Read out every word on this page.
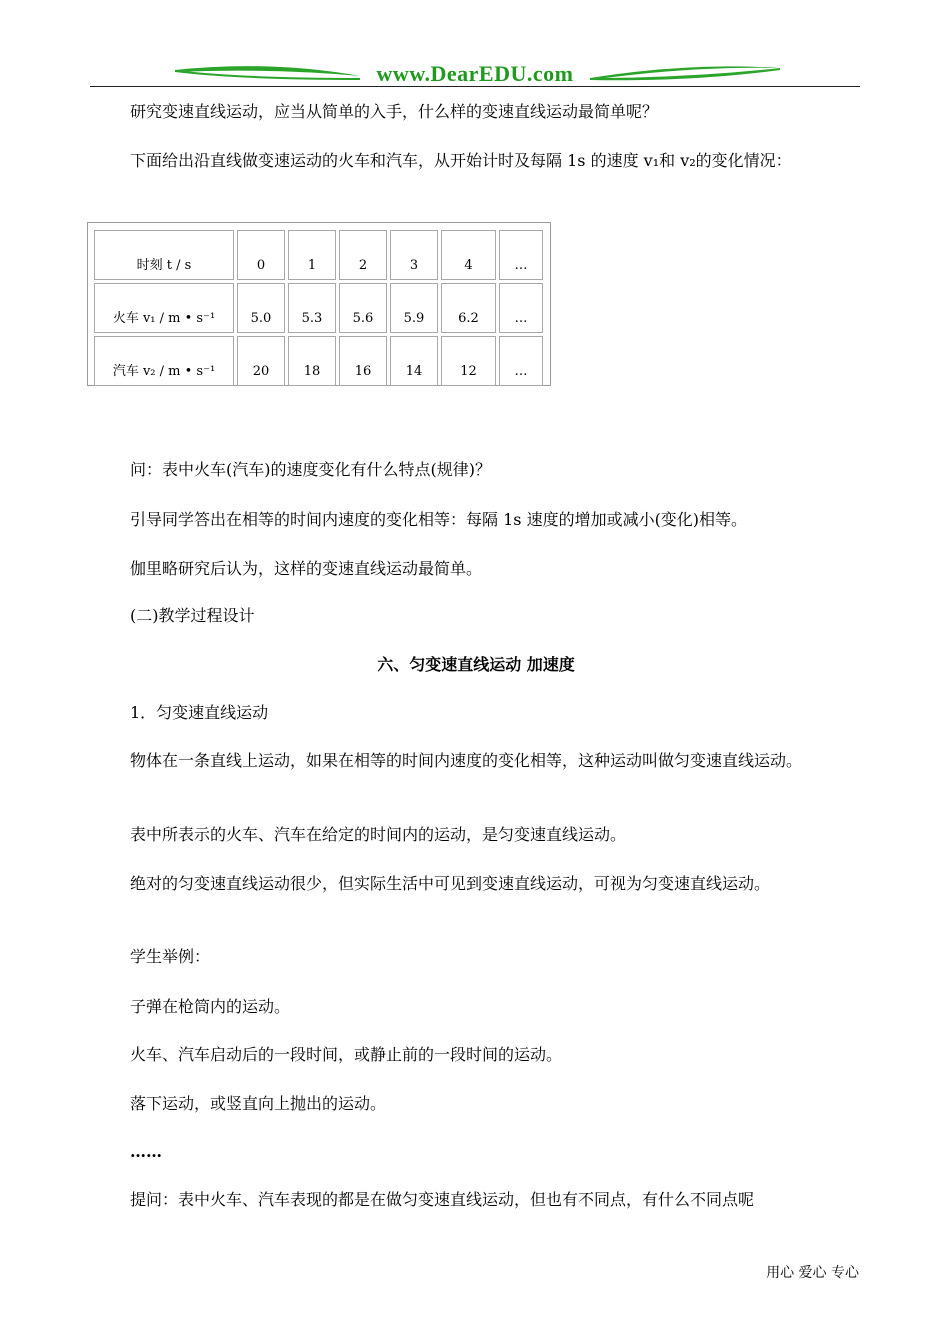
www.DearEDU.com

研究变速直线运动，应当从简单的入手，什么样的变速直线运动最简单呢？

下面给出沿直线做变速运动的火车和汽车，从开始计时及每隔 1s 的速度 v₁和 v₂的变化情况：

时刻 t / s	0	1	2	3	4	…
火车 v₁ / m • s⁻¹	5.0	5.3	5.6	5.9	6.2	…
汽车 v₂ / m • s⁻¹	20	18	16	14	12	…

问：表中火车(汽车)的速度变化有什么特点(规律)？

引导同学答出在相等的时间内速度的变化相等：每隔 1s 速度的增加或减小(变化)相等。

伽里略研究后认为，这样的变速直线运动最简单。

(二)教学过程设计

六、匀变速直线运动 加速度

1．匀变速直线运动

物体在一条直线上运动，如果在相等的时间内速度的变化相等，这种运动叫做匀变速直线运动。

表中所表示的火车、汽车在给定的时间内的运动，是匀变速直线运动。

绝对的匀变速直线运动很少，但实际生活中可见到变速直线运动，可视为匀变速直线运动。

学生举例：

子弹在枪筒内的运动。

火车、汽车启动后的一段时间，或静止前的一段时间的运动。

落下运动，或竖直向上抛出的运动。

……

提问：表中火车、汽车表现的都是在做匀变速直线运动，但也有不同点，有什么不同点呢

用心 爱心 专心
